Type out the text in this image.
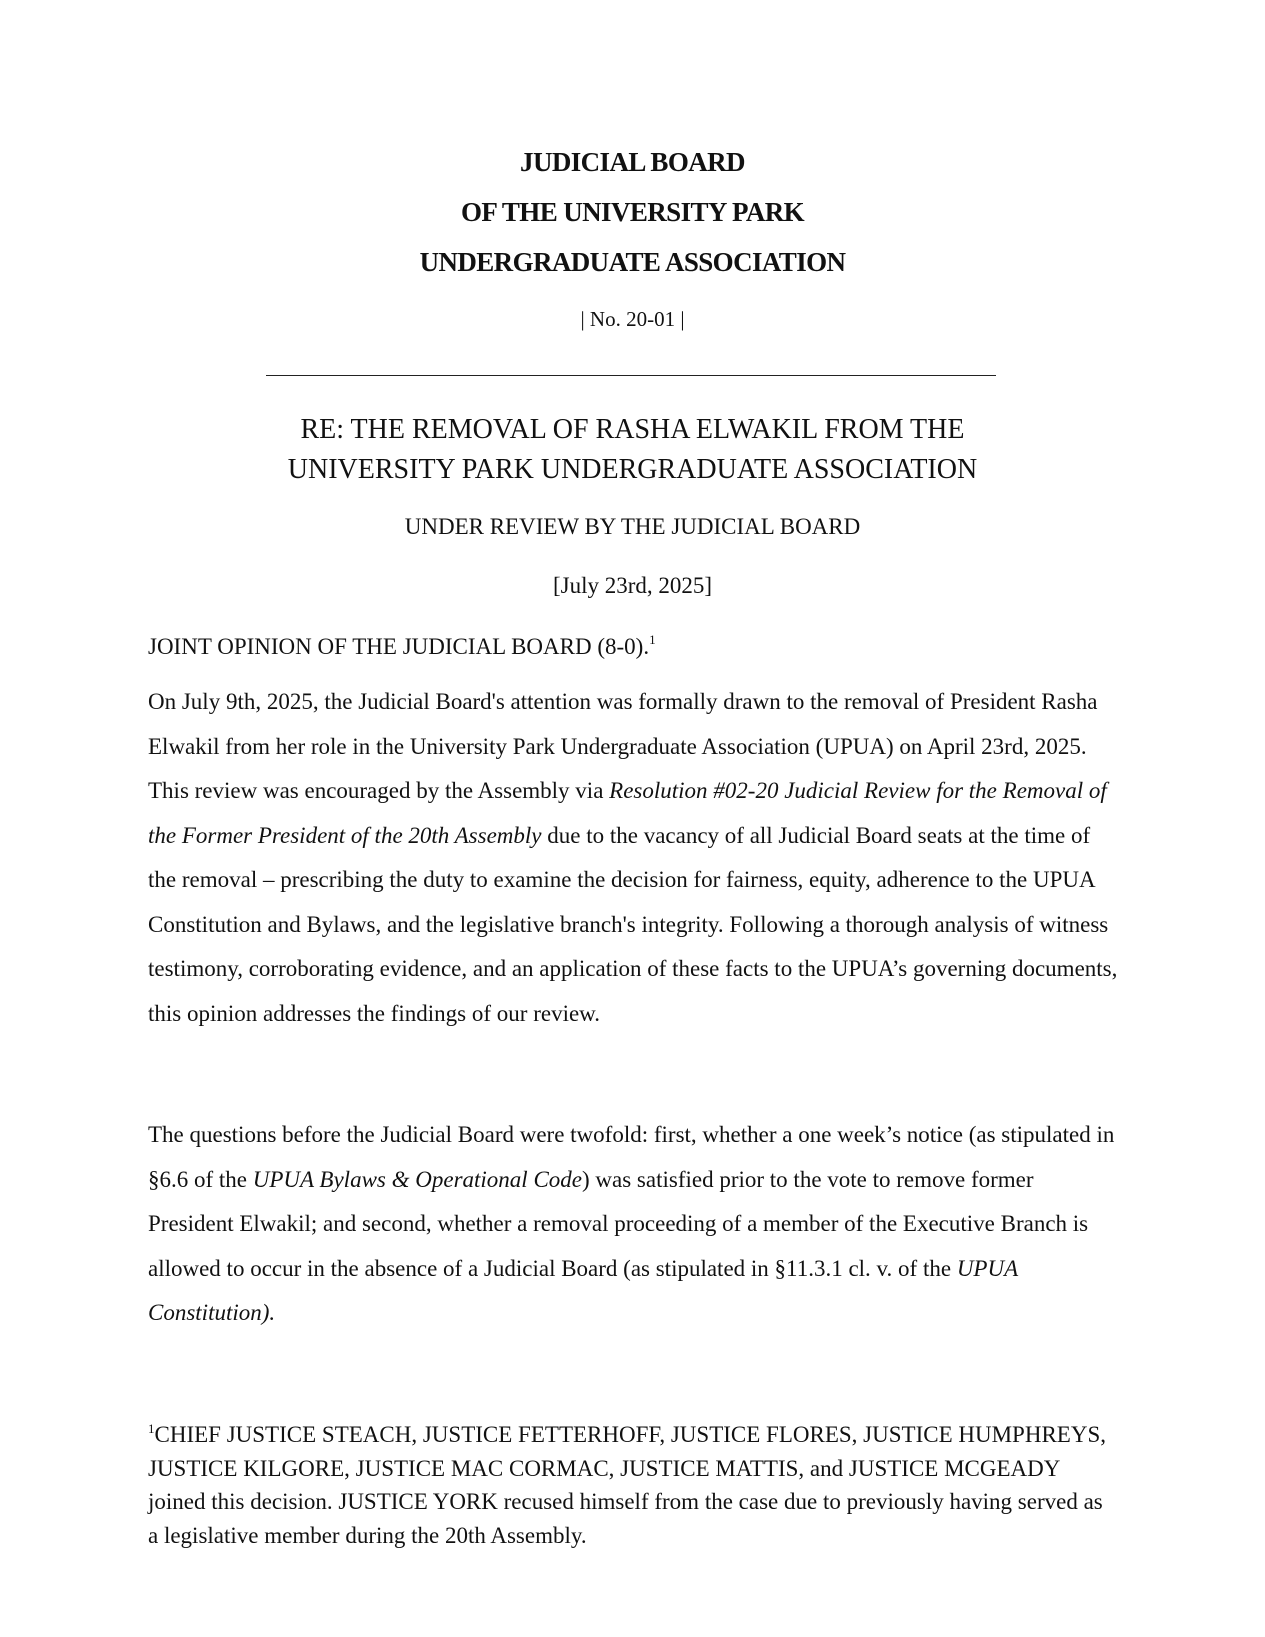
JUDICIAL BOARD
OF THE UNIVERSITY PARK
UNDERGRADUATE ASSOCIATION
| No. 20-01 |
RE: THE REMOVAL OF RASHA ELWAKIL FROM THE
UNIVERSITY PARK UNDERGRADUATE ASSOCIATION
UNDER REVIEW BY THE JUDICIAL BOARD
[July 23rd, 2025]
JOINT OPINION OF THE JUDICIAL BOARD (8-0).$^1$
On July 9th, 2025, the Judicial Board's attention was formally drawn to the removal of President Rasha Elwakil from her role in the University Park Undergraduate Association (UPUA) on April 23rd, 2025. This review was encouraged by the Assembly via Resolution #02-20 Judicial Review for the Removal of the Former President of the 20th Assembly due to the vacancy of all Judicial Board seats at the time of the removal – prescribing the duty to examine the decision for fairness, equity, adherence to the UPUA Constitution and Bylaws, and the legislative branch's integrity. Following a thorough analysis of witness testimony, corroborating evidence, and an application of these facts to the UPUA’s governing documents, this opinion addresses the findings of our review.
The questions before the Judicial Board were twofold: first, whether a one week’s notice (as stipulated in §6.6 of the UPUA Bylaws & Operational Code) was satisfied prior to the vote to remove former President Elwakil; and second, whether a removal proceeding of a member of the Executive Branch is allowed to occur in the absence of a Judicial Board (as stipulated in §11.3.1 cl. v. of the UPUA Constitution).
$^1$CHIEF JUSTICE STEACH, JUSTICE FETTERHOFF, JUSTICE FLORES, JUSTICE HUMPHREYS, JUSTICE KILGORE, JUSTICE MAC CORMAC, JUSTICE MATTIS, and JUSTICE MCGEADY joined this decision. JUSTICE YORK recused himself from the case due to previously having served as a legislative member during the 20th Assembly.
